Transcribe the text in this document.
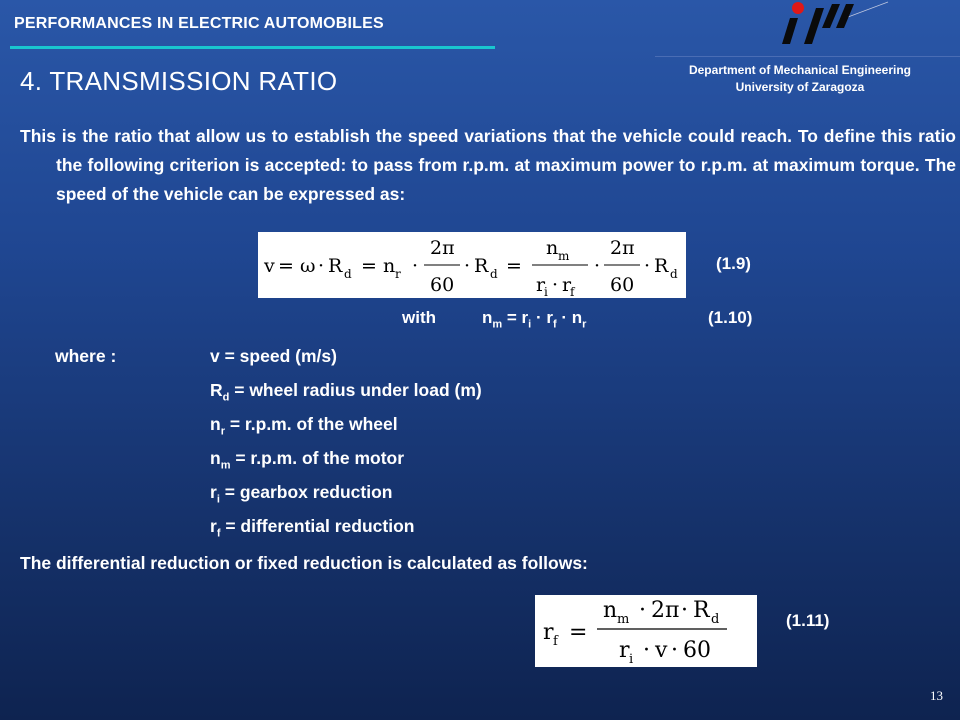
PERFORMANCES IN ELECTRIC AUTOMOBILES
Department of Mechanical Engineering
University of Zaragoza
4. TRANSMISSION RATIO
This is the ratio that allow us to establish the speed variations that the vehicle could reach. To define this ratio the following criterion is accepted: to pass from r.p.m. at maximum power to r.p.m. at maximum torque. The speed of the vehicle can be expressed as:
v = ω · R d = n r ·
2π
60
· R d =
n m
r
i · r
f
·
2π
60
· R d
(1.9)
with	$n_m = r_i \cdot r_f \cdot n_r$	(1.10)
where :	v = speed (m/s)
$R_d$ = wheel radius under load (m)
$n_r = r.p.m$. of the wheel
$n_m = r.p.m$. of the motor
$r_i$ = gearbox reduction
$r_f$ = differential reduction
The differential reduction or fixed reduction is calculated as follows:
r f =
n m · 2π · R d
r i · v · 60
(1.11)
13
